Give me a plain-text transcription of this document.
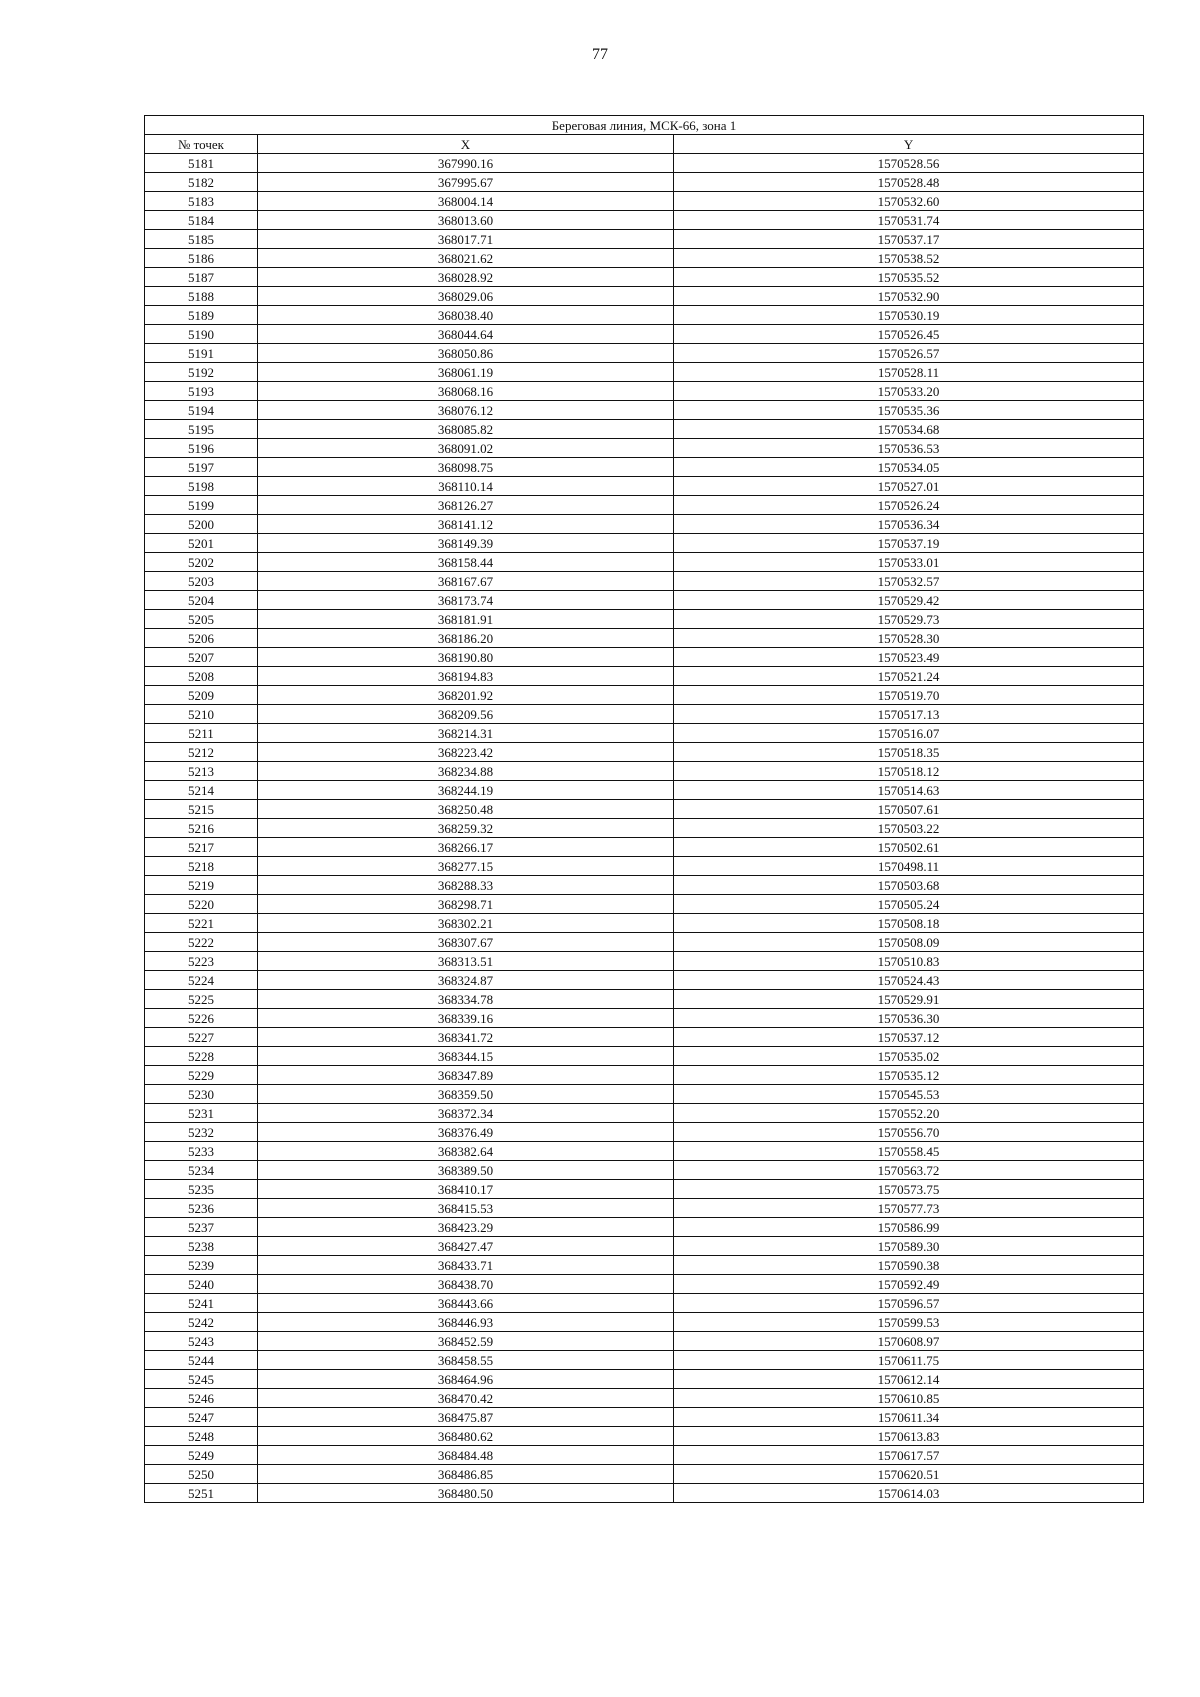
77
Береговая линия, МСК-66, зона 1		
№ точек	X	Y
5181	367990.16	1570528.56
5182	367995.67	1570528.48
5183	368004.14	1570532.60
5184	368013.60	1570531.74
5185	368017.71	1570537.17
5186	368021.62	1570538.52
5187	368028.92	1570535.52
5188	368029.06	1570532.90
5189	368038.40	1570530.19
5190	368044.64	1570526.45
5191	368050.86	1570526.57
5192	368061.19	1570528.11
5193	368068.16	1570533.20
5194	368076.12	1570535.36
5195	368085.82	1570534.68
5196	368091.02	1570536.53
5197	368098.75	1570534.05
5198	368110.14	1570527.01
5199	368126.27	1570526.24
5200	368141.12	1570536.34
5201	368149.39	1570537.19
5202	368158.44	1570533.01
5203	368167.67	1570532.57
5204	368173.74	1570529.42
5205	368181.91	1570529.73
5206	368186.20	1570528.30
5207	368190.80	1570523.49
5208	368194.83	1570521.24
5209	368201.92	1570519.70
5210	368209.56	1570517.13
5211	368214.31	1570516.07
5212	368223.42	1570518.35
5213	368234.88	1570518.12
5214	368244.19	1570514.63
5215	368250.48	1570507.61
5216	368259.32	1570503.22
5217	368266.17	1570502.61
5218	368277.15	1570498.11
5219	368288.33	1570503.68
5220	368298.71	1570505.24
5221	368302.21	1570508.18
5222	368307.67	1570508.09
5223	368313.51	1570510.83
5224	368324.87	1570524.43
5225	368334.78	1570529.91
5226	368339.16	1570536.30
5227	368341.72	1570537.12
5228	368344.15	1570535.02
5229	368347.89	1570535.12
5230	368359.50	1570545.53
5231	368372.34	1570552.20
5232	368376.49	1570556.70
5233	368382.64	1570558.45
5234	368389.50	1570563.72
5235	368410.17	1570573.75
5236	368415.53	1570577.73
5237	368423.29	1570586.99
5238	368427.47	1570589.30
5239	368433.71	1570590.38
5240	368438.70	1570592.49
5241	368443.66	1570596.57
5242	368446.93	1570599.53
5243	368452.59	1570608.97
5244	368458.55	1570611.75
5245	368464.96	1570612.14
5246	368470.42	1570610.85
5247	368475.87	1570611.34
5248	368480.62	1570613.83
5249	368484.48	1570617.57
5250	368486.85	1570620.51
5251	368480.50	1570614.03
